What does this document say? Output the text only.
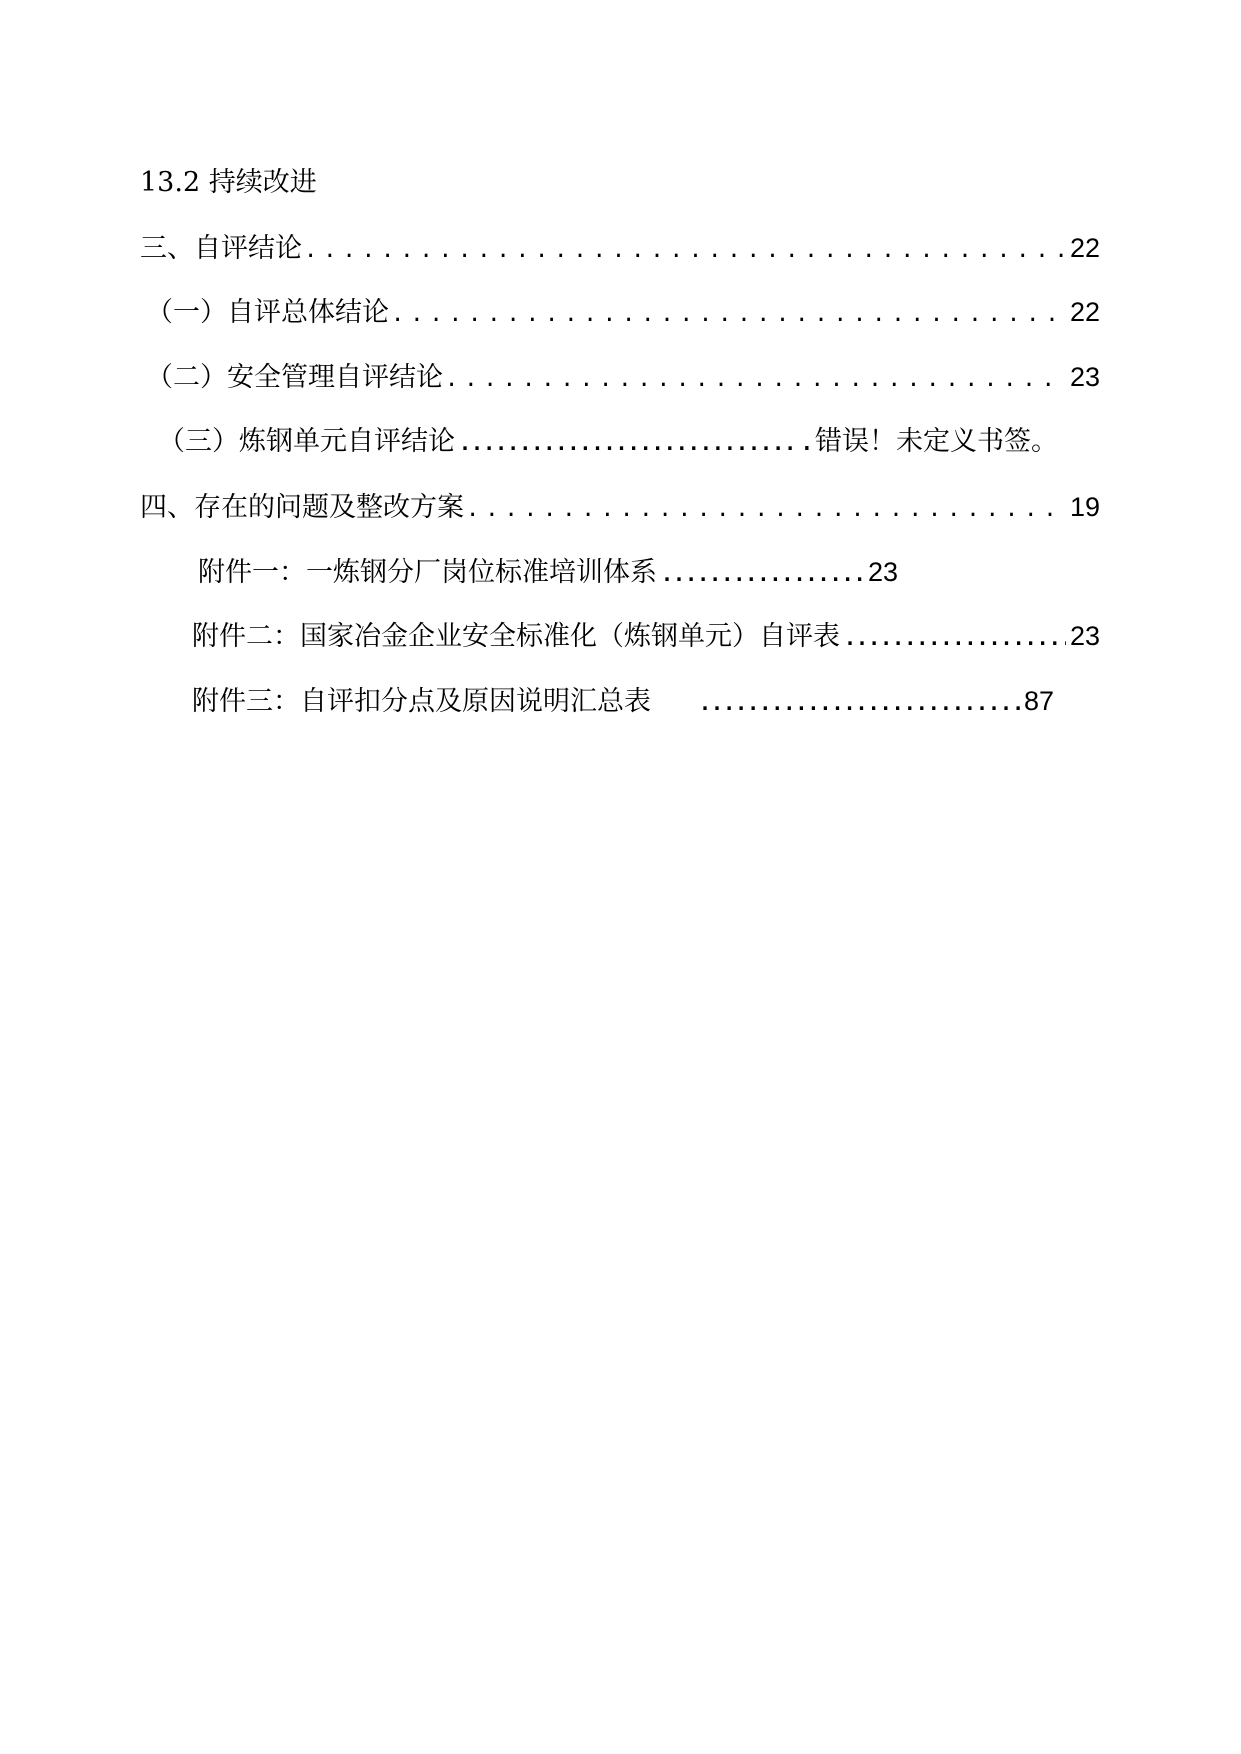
13.2 持续改进
三、自评结论 .....	22
（一）自评总体结论 .....	22
（二）安全管理自评结论 .....	23
（三）炼钢单元自评结论 .....	. 错误！未定义书签。
四、存在的问题及整改方案 .....	19
附件一：一炼钢分厂岗位标准培训体系 .....	23
附件二：国家冶金企业安全标准化（炼钢单元）自评表 .....	23
附件三：自评扣分点及原因说明汇总表 .....	87
